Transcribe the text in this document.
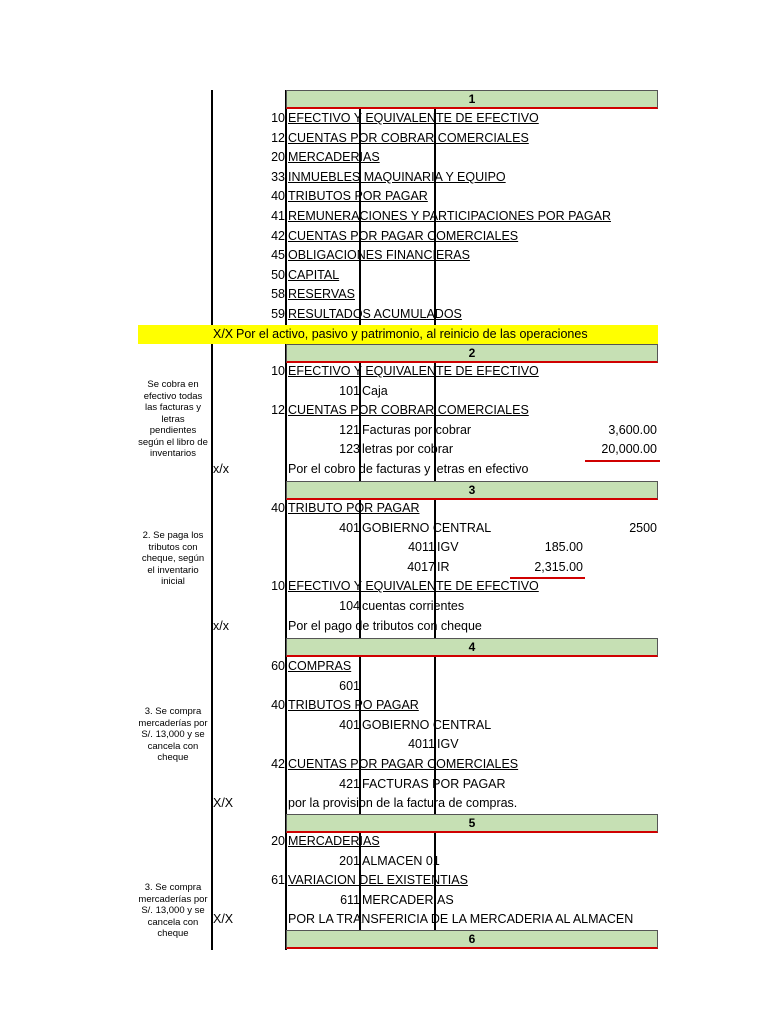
1
10 EFECTIVO Y EQUIVALENTE DE EFECTIVO
12 CUENTAS POR COBRAR COMERCIALES
20 MERCADERIAS
33 INMUEBLES MAQUINARIA Y EQUIPO
40 TRIBUTOS POR PAGAR
41 REMUNERACIONES Y PARTICIPACIONES POR PAGAR
42 CUENTAS POR PAGAR COMERCIALES
45 OBLIGACIONES FINANCIERAS
50 CAPITAL
58 RESERVAS
59 RESULTADOS ACUMULADOS
X/X Por el activo, pasivo y patrimonio, al reinicio de las operaciones
2
Se cobra en efectivo todas las facturas y letras pendientes según el libro de inventarios
10 EFECTIVO Y EQUIVALENTE DE EFECTIVO
101 Caja
12 CUENTAS POR COBRAR COMERCIALES
121 Facturas por cobrar	3,600.00
123 letras por cobrar	20,000.00
x/x	Por el cobro de facturas y letras en efectivo
3
2. Se paga los tributos con cheque, según el inventario inicial
40 TRIBUTO POR PAGAR
401 GOBIERNO CENTRAL	2500
4011 IGV	185.00
4017 IR	2,315.00
10 EFECTIVO Y EQUIVALENTE DE EFECTIVO
104 cuentas corrientes
x/x	Por el pago de tributos con cheque
4
3. Se compra mercaderías por S/. 13,000 y se cancela con cheque
60 COMPRAS
601
40 TRIBUTOS PO PAGAR
401 GOBIERNO CENTRAL
4011 IGV
42 CUENTAS POR PAGAR COMERCIALES
421 FACTURAS POR PAGAR
X/X	por la provision de la factura de compras.
5
3. Se compra mercaderías por S/. 13,000 y se cancela con cheque
20 MERCADERIAS
201 ALMACEN 01
61 VARIACION DEL EXISTENTIAS
611 MERCADERIAS
X/X	POR LA TRANSFERICIA DE LA MERCADERIA AL ALMACEN
6
